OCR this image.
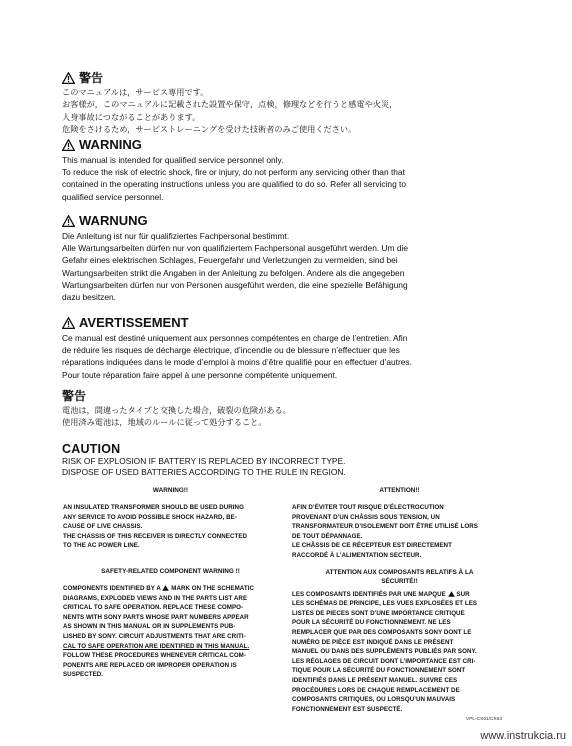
警告

このマニュアルは，サービス専用です。

お客様が，このマニュアルに記載された設置や保守，点検，修理などを行うと感電や火災，

人身事故につながることがあります。

危険をさけるため，サービストレーニングを受けた技術者のみご使用ください。

WARNING

This manual is intended for qualified service personnel only.

To reduce the risk of electric shock, fire or injury, do not perform any servicing other than that

contained in the operating instructions unless you are qualified to do so. Refer all servicing to

qualified service personnel.

WARNUNG

Die Anleitung ist nur für qualifiziertes Fachpersonal bestimmt.

Alle Wartungsarbeiten dürfen nur von qualifiziertem Fachpersonal ausgeführt werden. Um die

Gefahr eines elektrischen Schlages, Feuergefahr und Verletzungen zu vermeiden, sind bei

Wartungsarbeiten strikt die Angaben in der Anleitung zu befolgen. Andere als die angegeben

Wartungsarbeiten dürfen nur von Personen ausgeführt werden, die eine spezielle Befähigung

dazu besitzen.

AVERTISSEMENT

Ce manual est destiné uniquement aux personnes compétentes en charge de l’entretien. Afin

de réduire les risques de décharge électrique, d’incendie ou de blessure n’effectuer que les

réparations indiquées dans le mode d’emploi à moins d’être qualifié pour en effectuer d’autres.

Pour toute réparation faire appel à une personne compétente uniquement.

警告

電池は，間違ったタイプと交換した場合，破裂の危険がある。

使用済み電池は，地域のルールに従って処分すること。

CAUTION

RISK OF EXPLOSION IF BATTERY IS REPLACED BY INCORRECT TYPE.

DISPOSE OF USED BATTERIES ACCORDING TO THE RULE IN REGION.

WARNING!!

AN INSULATED TRANSFORMER SHOULD BE USED DURING

ANY SERVICE TO AVOID POSSIBLE SHOCK HAZARD, BE-

CAUSE OF LIVE CHASSIS.

THE CHASSIS OF THIS RECEIVER IS DIRECTLY CONNECTED

TO THE AC POWER LINE.

SAFETY-RELATED COMPONENT WARNING !!

COMPONENTS IDENTIFIED BY A MARK ON THE SCHEMATIC

DIAGRAMS, EXPLODED VIEWS AND IN THE PARTS LIST ARE

CRITICAL TO SAFE OPERATION. REPLACE THESE COMPO-

NENTS WITH SONY PARTS WHOSE PART NUMBERS APPEAR

AS SHOWN IN THIS MANUAL OR IN SUPPLEMENTS PUB-

LISHED BY SONY. CIRCUIT ADJUSTMENTS THAT ARE CRITI-

CAL TO SAFE OPERATION ARE IDENTIFIED IN THIS MANUAL.

FOLLOW THESE PROCEDURES WHENEVER CRITICAL COM-

PONENTS ARE REPLACED OR IMPROPER OPERATION IS

SUSPECTED.

ATTENTION!!

AFIN D’ÉVITER TOUT RISQUE D’ÉLECTROCUTION

PROVENANT D’UN CHÂSSIS SOUS TENSION, UN

TRANSFORMATEUR D’ISOLEMENT DOIT ÊTRE UTILISÉ LORS

DE TOUT DÉPANNAGE.

LE CHÂSSIS DE CE RÉCEPTEUR EST DIRECTEMENT

RACCORDÉ À L’ALIMENTATION SECTEUR.

ATTENTION AUX COMPOSANTS RELATIFS À LA

SÉCURITÉ!!

LES COMPOSANTS IDENTIFIÉS PAR UNE MAPQUE SUR

LES SCHÉMAS DE PRINCIPE, LES VUES EXPLOSÉES ET LES

LISTES DE PIECES SONT D’UNE IMPORTANCE CRITIQUE

POUR LA SÉCURITÉ DU FONCTIONNEMENT. NE LES

REMPLACER QUE PAR DES COMPOSANTS SONY DONT LE

NUMÉRO DE PIÈCE EST INDIQUÉ DANS LE PRÉSENT

MANUEL OU DANS DES SUPPLÉMENTS PUBLIÉS PAR SONY.

LES RÉGLAGES DE CIRCUIT DONT L’IMPORTANCE EST CRI-

TIQUE POUR LA SÉCURITÉ DU FONCTIONNEMENT SONT

IDENTIFIÉS DANS LE PRÉSENT MANUEL. SUIVRE CES

PROCÉDURES LORS DE CHAQUE REMPLACEMENT DE

COMPOSANTS CRITIQUES, OU LORSQU’UN MAUVAIS

FONCTIONNEMENT EST SUSPECTÉ.

VPL-CX61/CX63
www.instrukcia.ru
